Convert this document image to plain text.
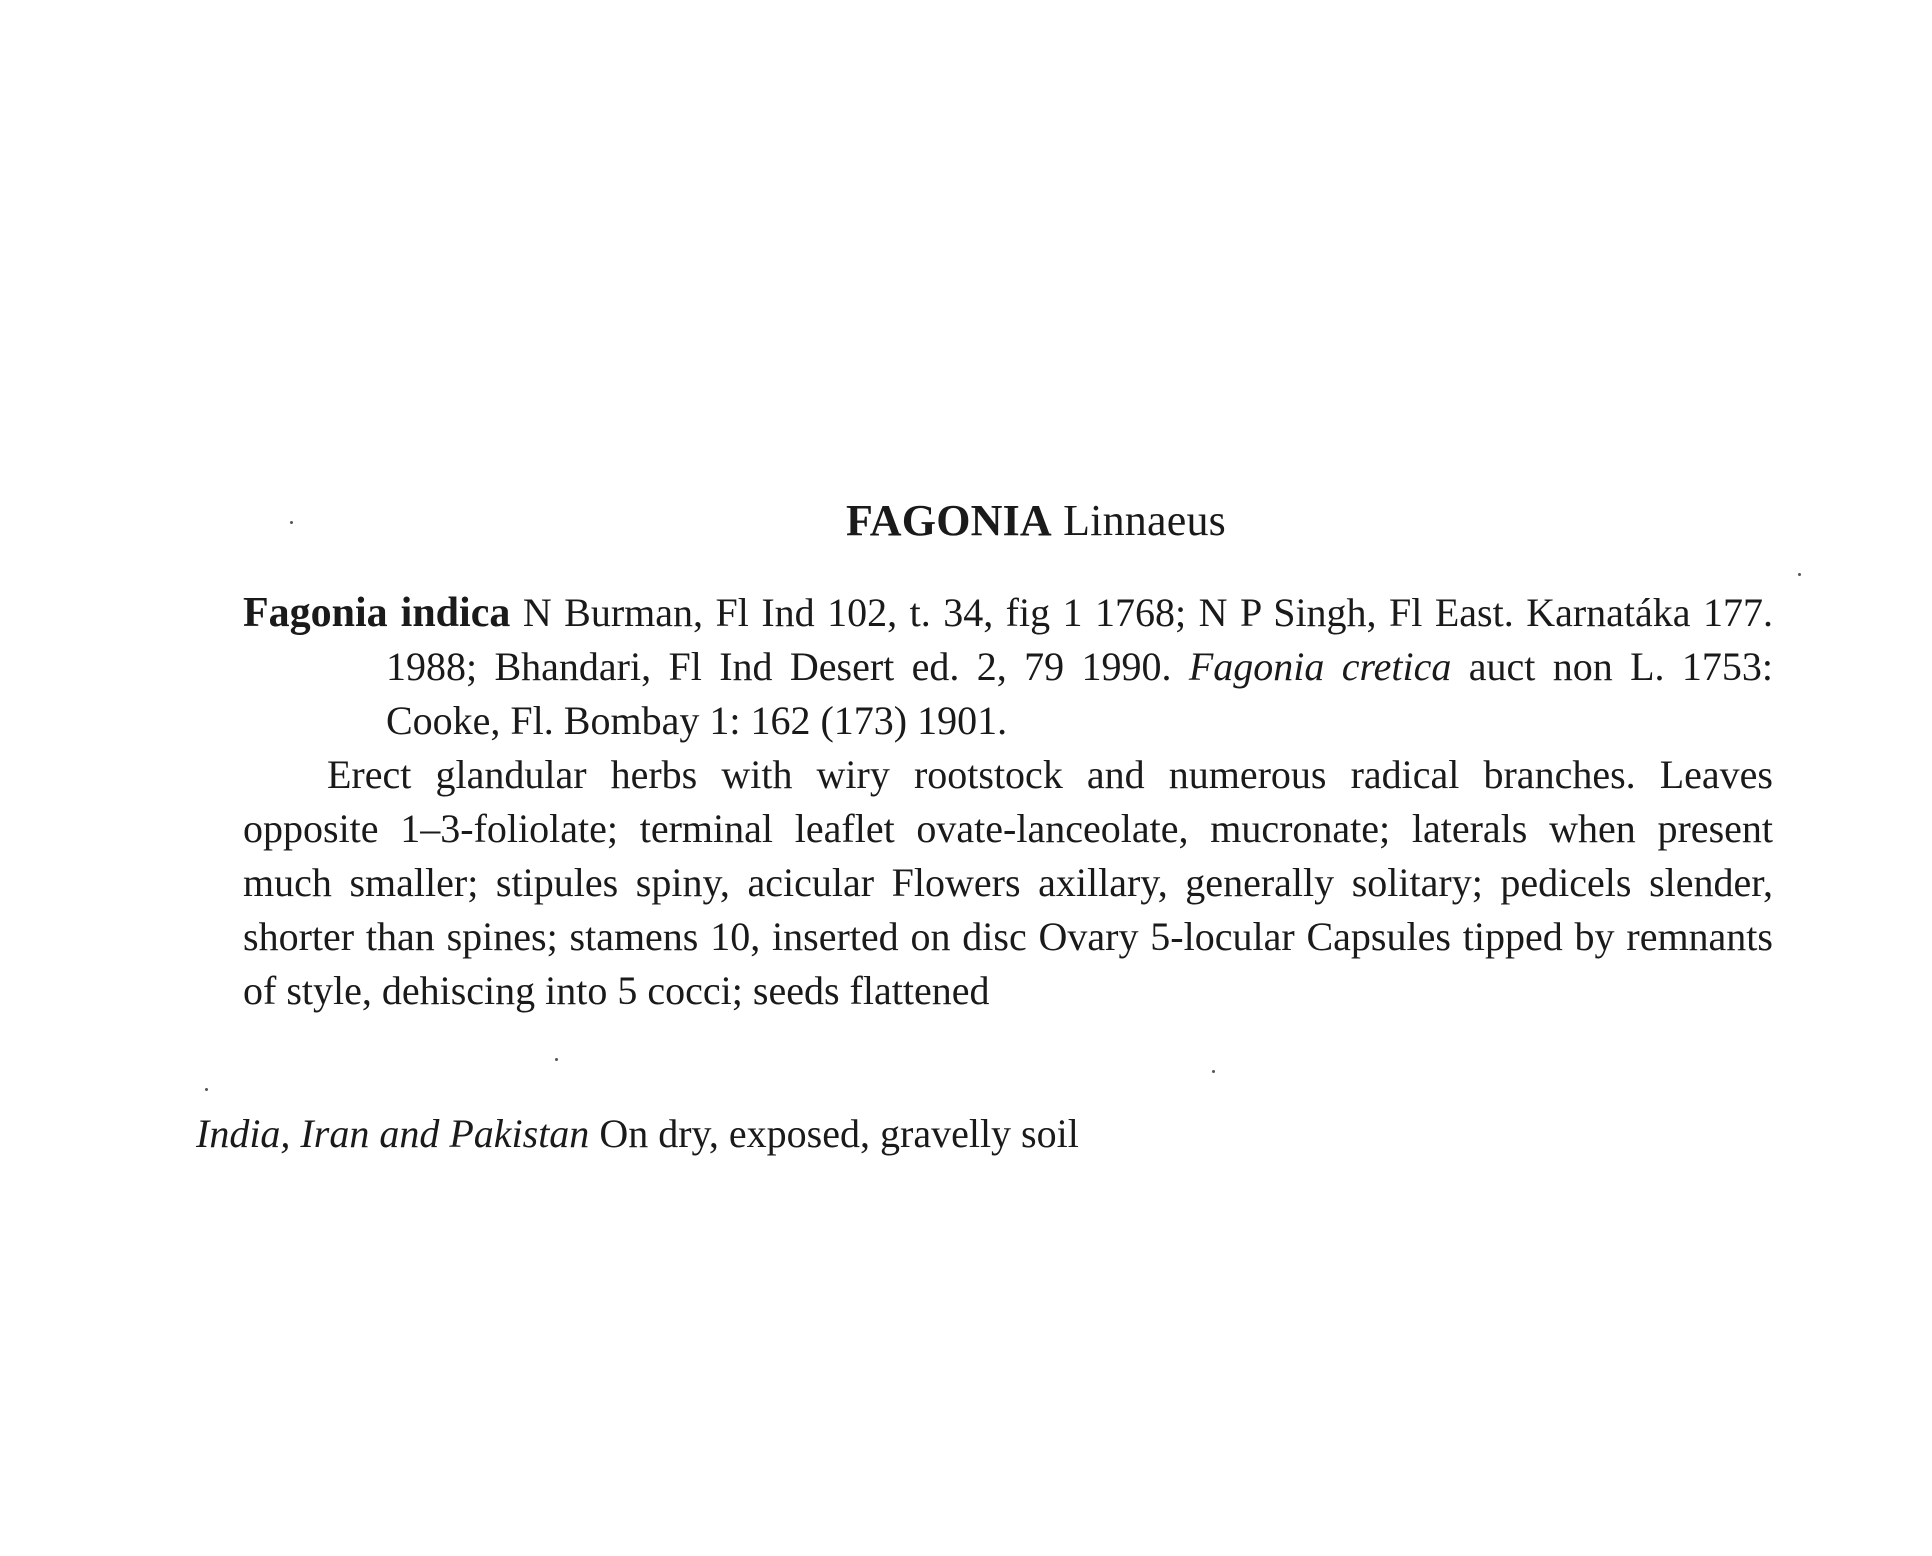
FAGONIA Linnaeus

Fagonia indica N Burman, Fl Ind 102, t. 34, fig 1 1768; N P Singh, Fl East. Karnatáka 177. 1988; Bhandari, Fl Ind Desert ed. 2, 79 1990. Fagonia cretica auct non L. 1753: Cooke, Fl. Bombay 1: 162 (173) 1901.

Erect glandular herbs with wiry rootstock and numerous radical branches. Leaves opposite 1–3-foliolate; terminal leaflet ovate-lanceolate, mucronate; laterals when present much smaller; stipules spiny, acicular Flowers axillary, generally solitary; pedicels slender, shorter than spines; stamens 10, inserted on disc Ovary 5-locular Capsules tipped by remnants of style, dehiscing into 5 cocci; seeds flattened

India, Iran and Pakistan On dry, exposed, gravelly soil
